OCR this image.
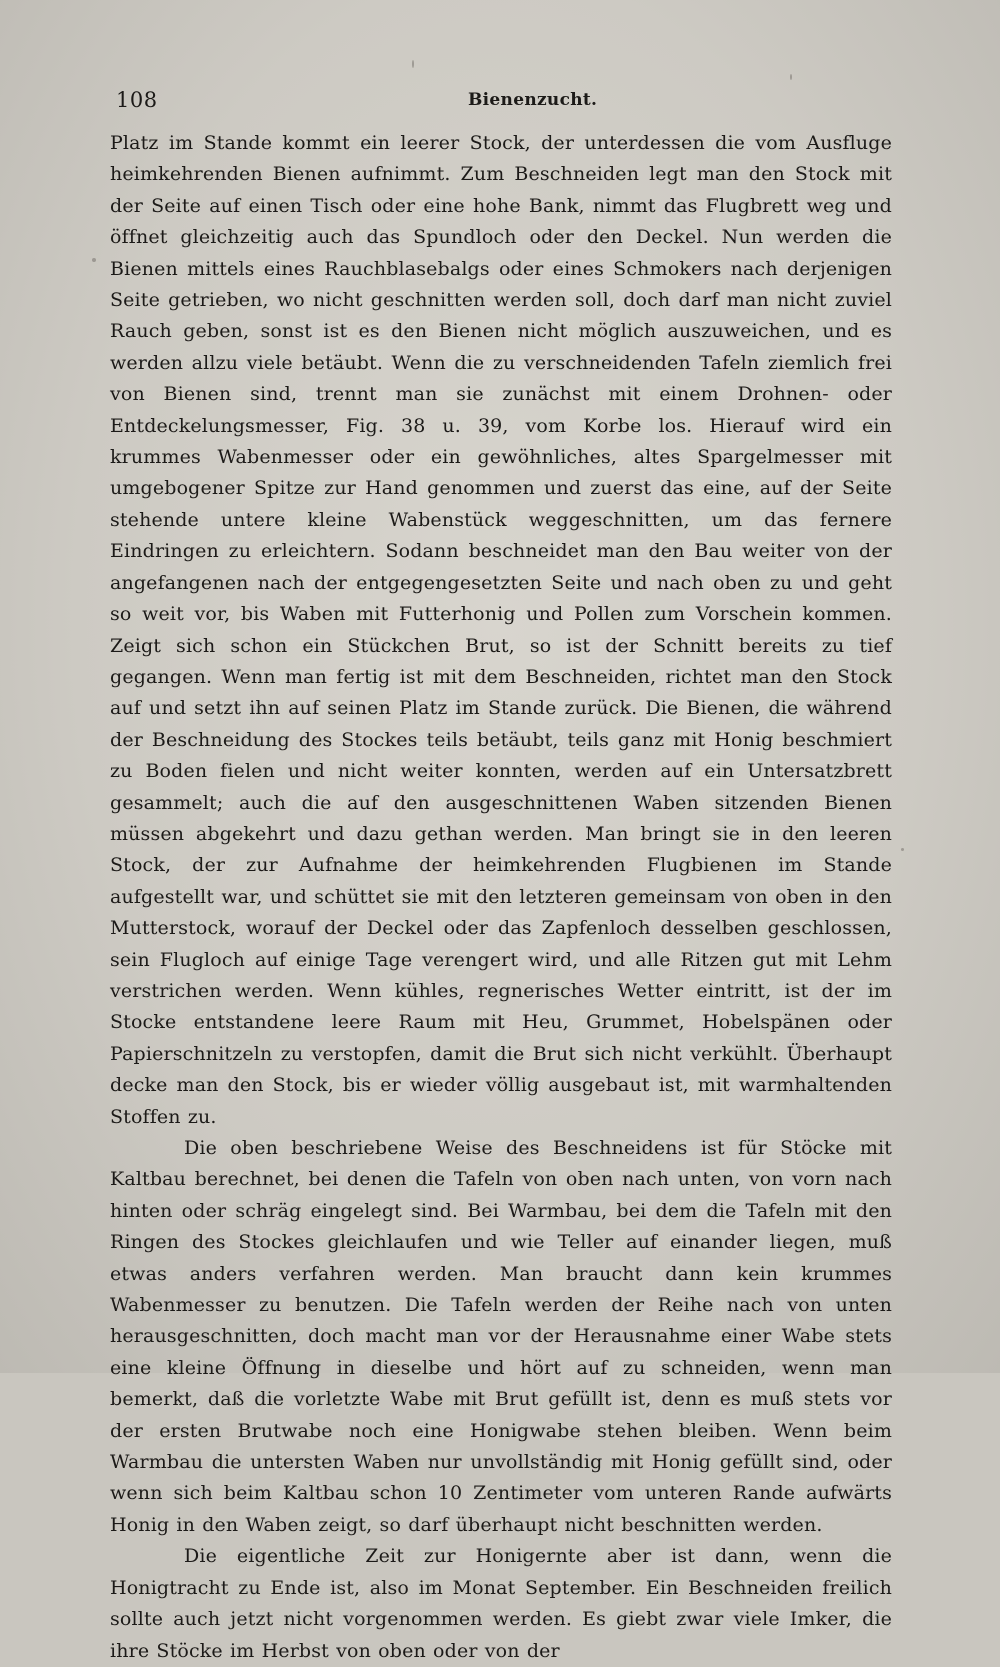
108	Bienenzucht.

Platz im Stande kommt ein leerer Stock, der unterdessen die vom Ausfluge heimkehrenden Bienen aufnimmt. Zum Beschneiden legt man den Stock mit der Seite auf einen Tisch oder eine hohe Bank, nimmt das Flugbrett weg und öffnet gleichzeitig auch das Spundloch oder den Deckel. Nun werden die Bienen mittels eines Rauchblasebalgs oder eines Schmokers nach derjenigen Seite getrieben, wo nicht geschnitten werden soll, doch darf man nicht zuviel Rauch geben, sonst ist es den Bienen nicht möglich auszuweichen, und es werden allzu viele betäubt. Wenn die zu verschneidenden Tafeln ziemlich frei von Bienen sind, trennt man sie zunächst mit einem Drohnen- oder Entdeckelungsmesser, Fig. 38 u. 39, vom Korbe los. Hierauf wird ein krummes Wabenmesser oder ein gewöhnliches, altes Spargelmesser mit umgebogener Spitze zur Hand genommen und zuerst das eine, auf der Seite stehende untere kleine Wabenstück weggeschnitten, um das fernere Eindringen zu erleichtern. Sodann beschneidet man den Bau weiter von der angefangenen nach der entgegengesetzten Seite und nach oben zu und geht so weit vor, bis Waben mit Futterhonig und Pollen zum Vorschein kommen. Zeigt sich schon ein Stückchen Brut, so ist der Schnitt bereits zu tief gegangen. Wenn man fertig ist mit dem Beschneiden, richtet man den Stock auf und setzt ihn auf seinen Platz im Stande zurück. Die Bienen, die während der Beschneidung des Stockes teils betäubt, teils ganz mit Honig beschmiert zu Boden fielen und nicht weiter konnten, werden auf ein Untersatzbrett gesammelt; auch die auf den ausgeschnittenen Waben sitzenden Bienen müssen abgekehrt und dazu gethan werden. Man bringt sie in den leeren Stock, der zur Aufnahme der heimkehrenden Flugbienen im Stande aufgestellt war, und schüttet sie mit den letzteren gemeinsam von oben in den Mutterstock, worauf der Deckel oder das Zapfenloch desselben geschlossen, sein Flugloch auf einige Tage verengert wird, und alle Ritzen gut mit Lehm verstrichen werden. Wenn kühles, regnerisches Wetter eintritt, ist der im Stocke entstandene leere Raum mit Heu, Grummet, Hobelspänen oder Papierschnitzeln zu verstopfen, damit die Brut sich nicht verkühlt. Überhaupt decke man den Stock, bis er wieder völlig ausgebaut ist, mit warmhaltenden Stoffen zu.

Die oben beschriebene Weise des Beschneidens ist für Stöcke mit Kaltbau berechnet, bei denen die Tafeln von oben nach unten, von vorn nach hinten oder schräg eingelegt sind. Bei Warmbau, bei dem die Tafeln mit den Ringen des Stockes gleichlaufen und wie Teller auf einander liegen, muß etwas anders verfahren werden. Man braucht dann kein krummes Wabenmesser zu benutzen. Die Tafeln werden der Reihe nach von unten herausgeschnitten, doch macht man vor der Herausnahme einer Wabe stets eine kleine Öffnung in dieselbe und hört auf zu schneiden, wenn man bemerkt, daß die vorletzte Wabe mit Brut gefüllt ist, denn es muß stets vor der ersten Brutwabe noch eine Honigwabe stehen bleiben. Wenn beim Warmbau die untersten Waben nur unvollständig mit Honig gefüllt sind, oder wenn sich beim Kaltbau schon 10 Zentimeter vom unteren Rande aufwärts Honig in den Waben zeigt, so darf überhaupt nicht beschnitten werden.

Die eigentliche Zeit zur Honigernte aber ist dann, wenn die Honigtracht zu Ende ist, also im Monat September. Ein Beschneiden freilich sollte auch jetzt nicht vorgenommen werden. Es giebt zwar viele Imker, die ihre Stöcke im Herbst von oben oder von der
